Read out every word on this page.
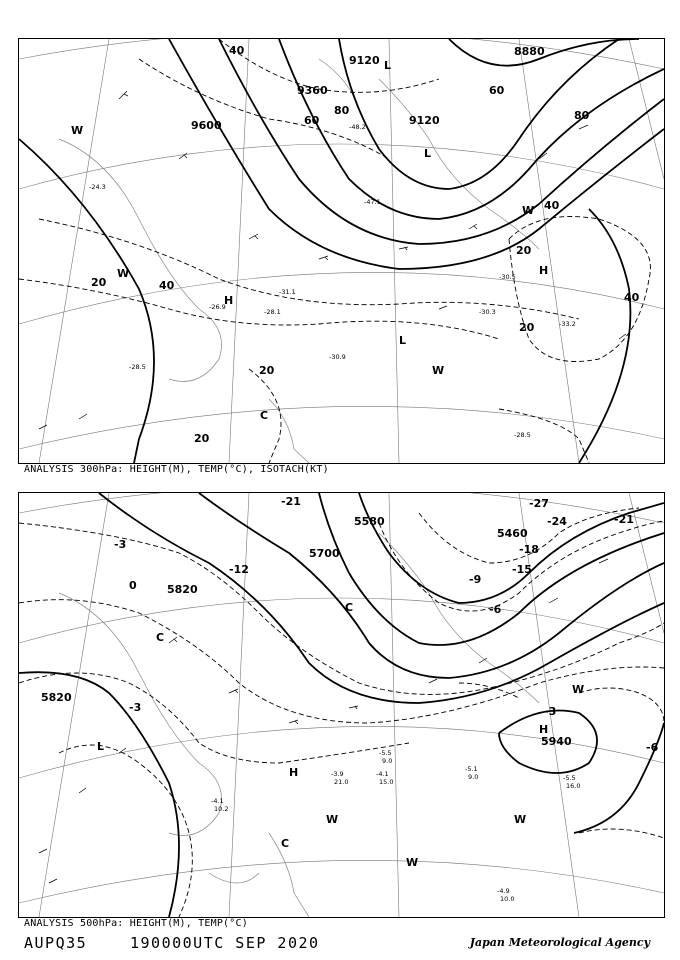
-24.3
-26.9
-28.5
-30.5
-31.1
-30.9
-30.3
-33.2
-28.5
-28.1
-47.1
-48.2
9600
9360
9120
8880
9120
40
60
80
40
60
80
40
20
20
20
20
20
40
H
L
H
L
C
L
W
W
W
W
ANALYSIS 300hPa: HEIGHT(M), TEMP(°C), ISOTACH(KT)
-5.5
9.0
-4.1
15.0
-5.1
9.0	-5.5
16.0
-4.9
10.0
-3.9
21.0
-4.1
10.2
5820
5700
5580
5460
5820
5940
-21
-24
-27
-21
-18
-15
-12
-9
-6
-3
0
-3	-3
-6
H
L
H
C
C
C
W
W
W
W
ANALYSIS 500hPa: HEIGHT(M), TEMP(°C)
AUPQ35	190000UTC SEP 2020	Japan Meteorological Agency
